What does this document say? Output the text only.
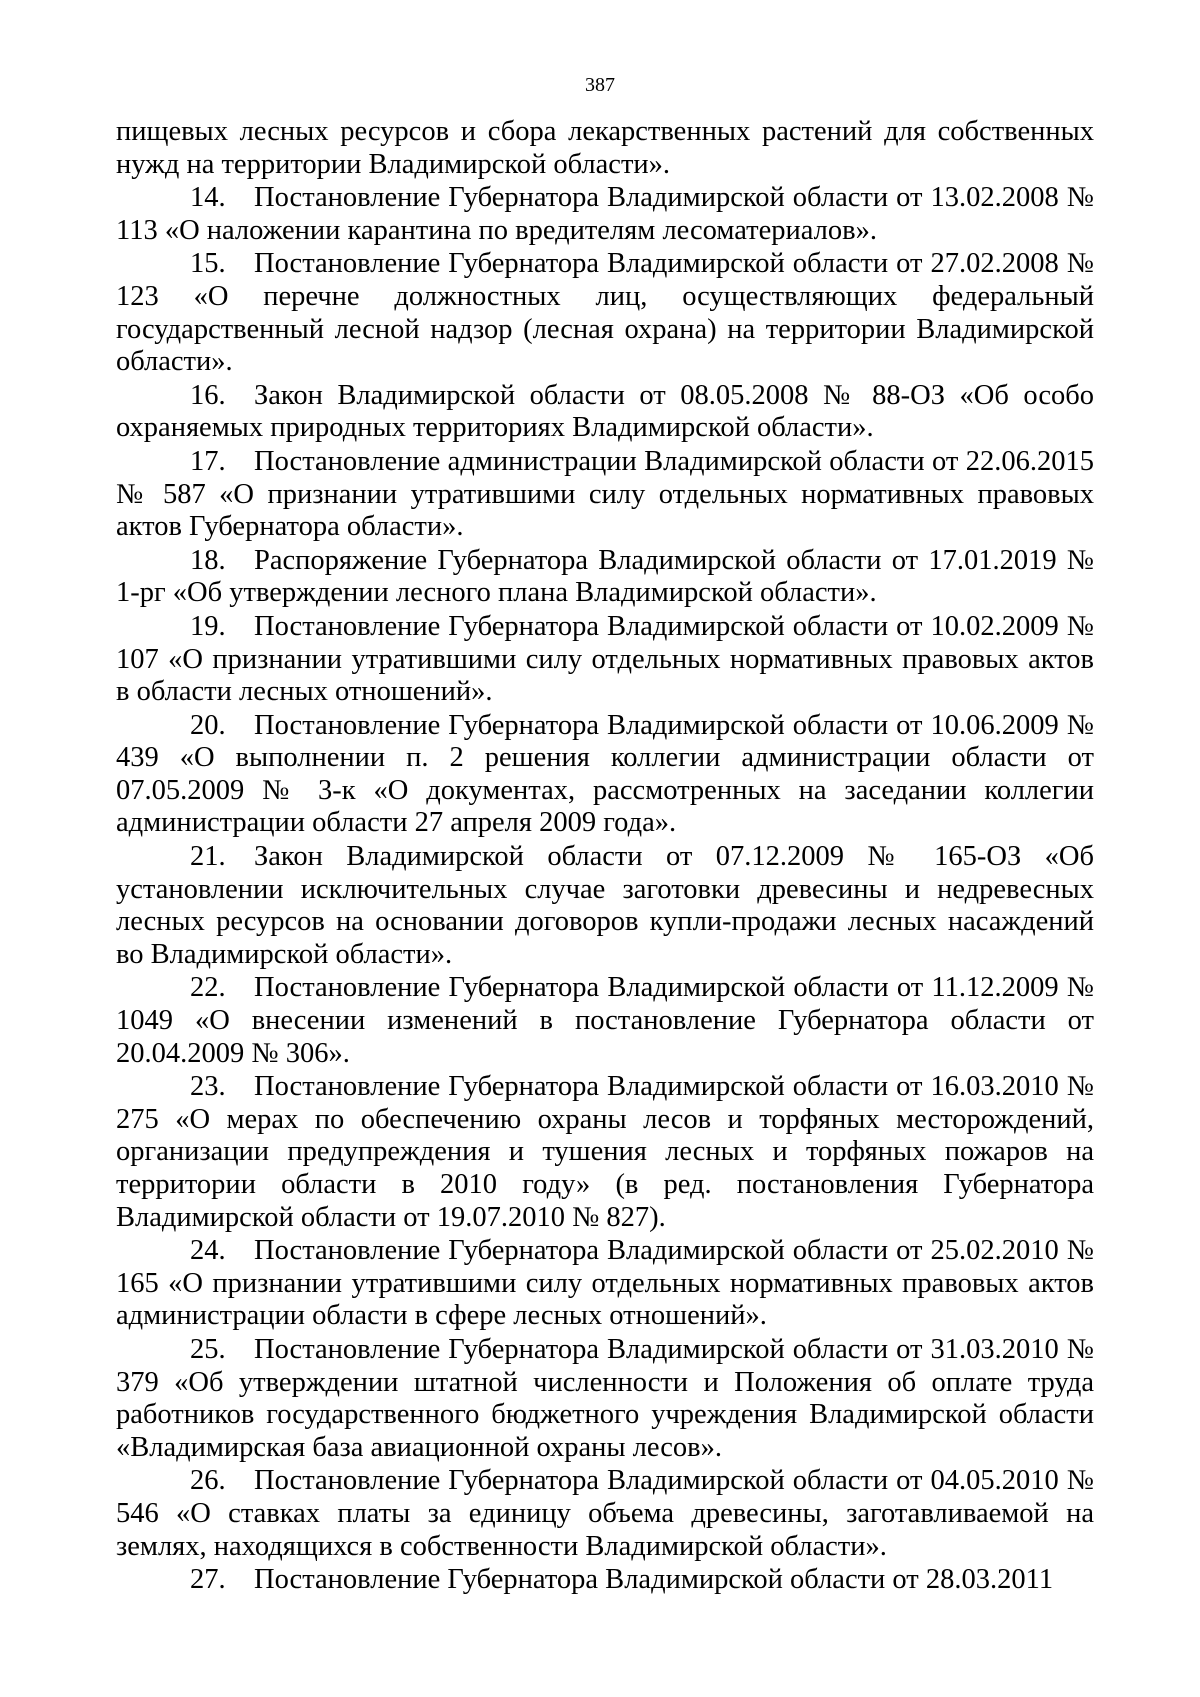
387

пищевых лесных ресурсов и сбора лекарственных растений для собственных нужд на территории Владимирской области».

14. Постановление Губернатора Владимирской области от 13.02.2008 № 113 «О наложении карантина по вредителям лесоматериалов».

15. Постановление Губернатора Владимирской области от 27.02.2008 № 123 «О перечне должностных лиц, осуществляющих федеральный государственный лесной надзор (лесная охрана) на территории Владимирской области».

16. Закон Владимирской области от 08.05.2008 № 88-ОЗ «Об особо охраняемых природных территориях Владимирской области».

17. Постановление администрации Владимирской области от 22.06.2015 № 587 «О признании утратившими силу отдельных нормативных правовых актов Губернатора области».

18. Распоряжение Губернатора Владимирской области от 17.01.2019 № 1-рг «Об утверждении лесного плана Владимирской области».

19. Постановление Губернатора Владимирской области от 10.02.2009 № 107 «О признании утратившими силу отдельных нормативных правовых актов в области лесных отношений».

20. Постановление Губернатора Владимирской области от 10.06.2009 № 439 «О выполнении п. 2 решения коллегии администрации области от 07.05.2009 № 3-к «О документах, рассмотренных на заседании коллегии администрации области 27 апреля 2009 года».

21. Закон Владимирской области от 07.12.2009 № 165-ОЗ «Об установлении исключительных случае заготовки древесины и недревесных лесных ресурсов на основании договоров купли-продажи лесных насаждений во Владимирской области».

22. Постановление Губернатора Владимирской области от 11.12.2009 № 1049 «О внесении изменений в постановление Губернатора области от 20.04.2009 № 306».

23. Постановление Губернатора Владимирской области от 16.03.2010 № 275 «О мерах по обеспечению охраны лесов и торфяных месторождений, организации предупреждения и тушения лесных и торфяных пожаров на территории области в 2010 году» (в ред. постановления Губернатора Владимирской области от 19.07.2010 № 827).

24. Постановление Губернатора Владимирской области от 25.02.2010 № 165 «О признании утратившими силу отдельных нормативных правовых актов администрации области в сфере лесных отношений».

25. Постановление Губернатора Владимирской области от 31.03.2010 № 379 «Об утверждении штатной численности и Положения об оплате труда работников государственного бюджетного учреждения Владимирской области «Владимирская база авиационной охраны лесов».

26. Постановление Губернатора Владимирской области от 04.05.2010 № 546 «О ставках платы за единицу объема древесины, заготавливаемой на землях, находящихся в собственности Владимирской области».

27. Постановление Губернатора Владимирской области от 28.03.2011
